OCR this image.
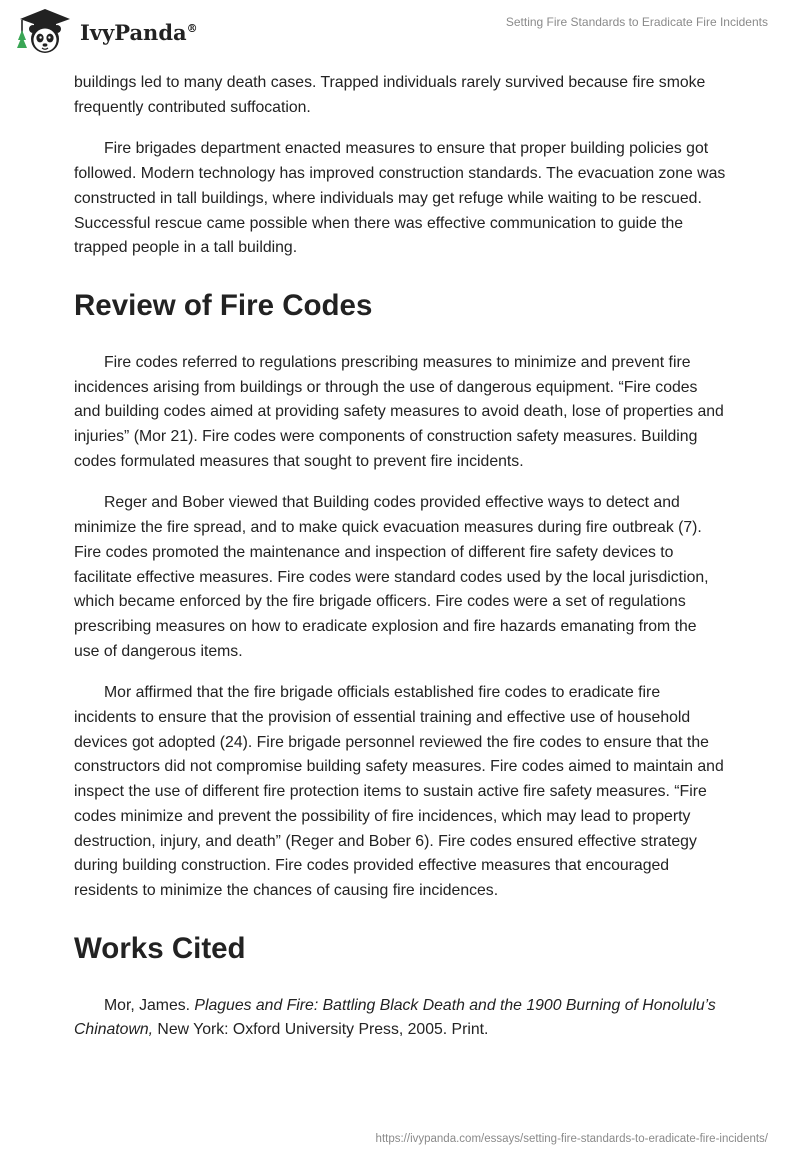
IvyPanda®	Setting Fire Standards to Eradicate Fire Incidents

buildings led to many death cases. Trapped individuals rarely survived because fire smoke frequently contributed suffocation.

Fire brigades department enacted measures to ensure that proper building policies got followed. Modern technology has improved construction standards. The evacuation zone was constructed in tall buildings, where individuals may get refuge while waiting to be rescued. Successful rescue came possible when there was effective communication to guide the trapped people in a tall building.

Review of Fire Codes

Fire codes referred to regulations prescribing measures to minimize and prevent fire incidences arising from buildings or through the use of dangerous equipment. “Fire codes and building codes aimed at providing safety measures to avoid death, lose of properties and injuries” (Mor 21). Fire codes were components of construction safety measures. Building codes formulated measures that sought to prevent fire incidents.

Reger and Bober viewed that Building codes provided effective ways to detect and minimize the fire spread, and to make quick evacuation measures during fire outbreak (7). Fire codes promoted the maintenance and inspection of different fire safety devices to facilitate effective measures. Fire codes were standard codes used by the local jurisdiction, which became enforced by the fire brigade officers. Fire codes were a set of regulations prescribing measures on how to eradicate explosion and fire hazards emanating from the use of dangerous items.

Mor affirmed that the fire brigade officials established fire codes to eradicate fire incidents to ensure that the provision of essential training and effective use of household devices got adopted (24). Fire brigade personnel reviewed the fire codes to ensure that the constructors did not compromise building safety measures. Fire codes aimed to maintain and inspect the use of different fire protection items to sustain active fire safety measures. “Fire codes minimize and prevent the possibility of fire incidences, which may lead to property destruction, injury, and death” (Reger and Bober 6). Fire codes ensured effective strategy during building construction. Fire codes provided effective measures that encouraged residents to minimize the chances of causing fire incidences.

Works Cited

Mor, James. Plagues and Fire: Battling Black Death and the 1900 Burning of Honolulu’s Chinatown, New York: Oxford University Press, 2005. Print.

https://ivypanda.com/essays/setting-fire-standards-to-eradicate-fire-incidents/
